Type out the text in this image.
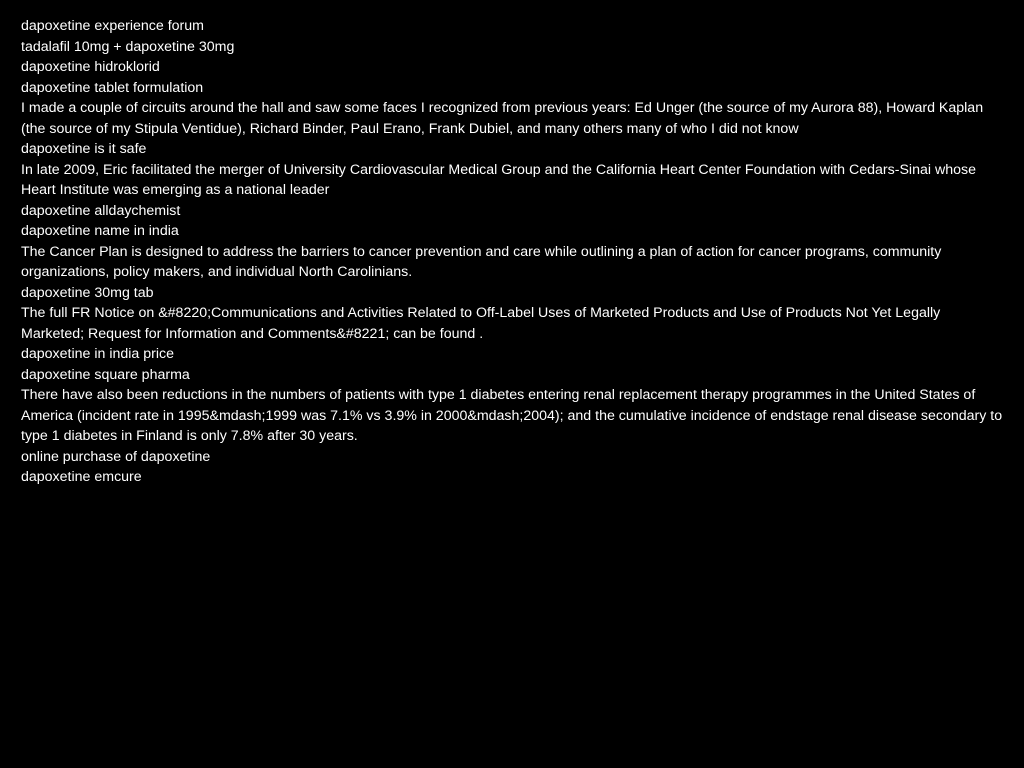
dapoxetine experience forum

tadalafil 10mg + dapoxetine 30mg

dapoxetine hidroklorid

dapoxetine tablet formulation

I made a couple of circuits around the hall and saw some faces I recognized from previous years: Ed Unger (the source of my Aurora 88), Howard Kaplan (the source of my Stipula Ventidue), Richard Binder, Paul Erano, Frank Dubiel, and many others many of who I did not know

dapoxetine is it safe

In late 2009, Eric facilitated the merger of University Cardiovascular Medical Group and the California Heart Center Foundation with Cedars-Sinai whose Heart Institute was emerging as a national leader

dapoxetine alldaychemist

dapoxetine name in india

The Cancer Plan is designed to address the barriers to cancer prevention and care while outlining a plan of action for cancer programs, community organizations, policy makers, and individual North Carolinians.

dapoxetine 30mg tab

The full FR Notice on &#8220;Communications and Activities Related to Off-Label Uses of Marketed Products and Use of Products Not Yet Legally Marketed; Request for Information and Comments&#8221; can be found .

dapoxetine in india price

dapoxetine square pharma

There have also been reductions in the numbers of patients with type 1 diabetes entering renal replacement therapy programmes in the United States of America (incident rate in 1995&mdash;1999 was 7.1% vs 3.9% in 2000&mdash;2004); and the cumulative incidence of endstage renal disease secondary to type 1 diabetes in Finland is only 7.8% after 30 years.

online purchase of dapoxetine

dapoxetine emcure
